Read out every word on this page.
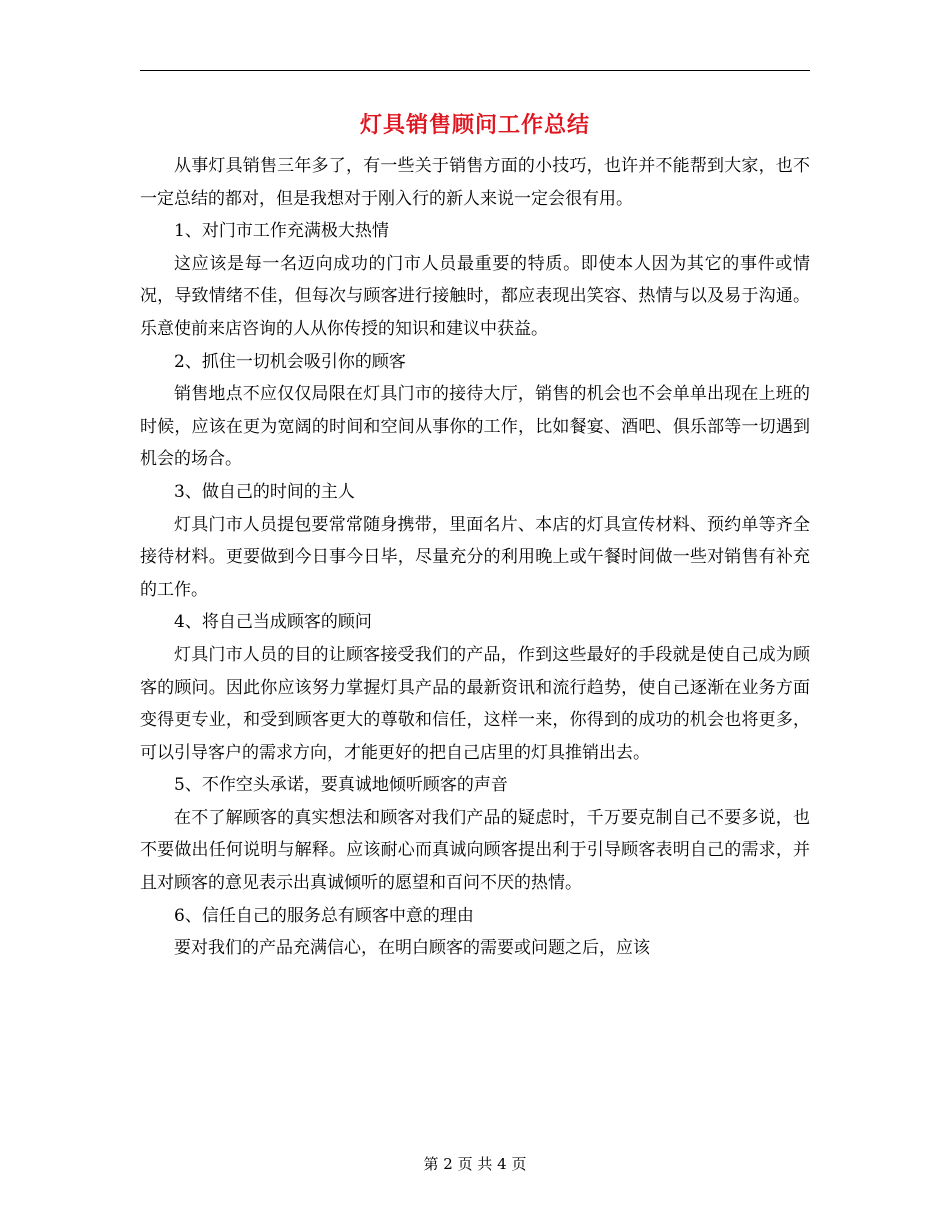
灯具销售顾问工作总结

从事灯具销售三年多了，有一些关于销售方面的小技巧，也许并不能帮到大家，也不一定总结的都对，但是我想对于刚入行的新人来说一定会很有用。

1、对门市工作充满极大热情

这应该是每一名迈向成功的门市人员最重要的特质。即使本人因为其它的事件或情况，导致情绪不佳，但每次与顾客进行接触时，都应表现出笑容、热情与以及易于沟通。乐意使前来店咨询的人从你传授的知识和建议中获益。

2、抓住一切机会吸引你的顾客

销售地点不应仅仅局限在灯具门市的接待大厅，销售的机会也不会单单出现在上班的时候，应该在更为宽阔的时间和空间从事你的工作，比如餐宴、酒吧、俱乐部等一切遇到机会的场合。

3、做自己的时间的主人

灯具门市人员提包要常常随身携带，里面名片、本店的灯具宣传材料、预约单等齐全接待材料。更要做到今日事今日毕，尽量充分的利用晚上或午餐时间做一些对销售有补充的工作。

4、将自己当成顾客的顾问

灯具门市人员的目的让顾客接受我们的产品，作到这些最好的手段就是使自己成为顾客的顾问。因此你应该努力掌握灯具产品的最新资讯和流行趋势，使自己逐渐在业务方面变得更专业，和受到顾客更大的尊敬和信任，这样一来，你得到的成功的机会也将更多，可以引导客户的需求方向，才能更好的把自己店里的灯具推销出去。

5、不作空头承诺，要真诚地倾听顾客的声音

在不了解顾客的真实想法和顾客对我们产品的疑虑时，千万要克制自己不要多说，也不要做出任何说明与解释。应该耐心而真诚向顾客提出利于引导顾客表明自己的需求，并且对顾客的意见表示出真诚倾听的愿望和百问不厌的热情。

6、信任自己的服务总有顾客中意的理由

要对我们的产品充满信心，在明白顾客的需要或问题之后，应该

第 2 页 共 4 页
